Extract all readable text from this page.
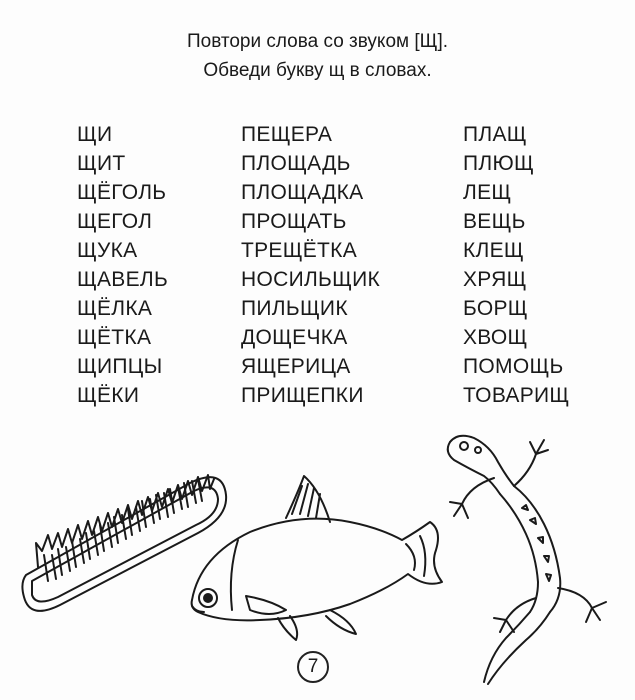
Повтори слова со звуком [Щ].
Обведи букву щ в словах.
ЩИ
ЩИТ
ЩЁГОЛЬ
ЩЕГОЛ
ЩУКА
ЩАВЕЛЬ
ЩЁЛКА
ЩЁТКА
ЩИПЦЫ
ЩЁКИ
ПЕЩЕРА
ПЛОЩАДЬ
ПЛОЩАДКА
ПРОЩАТЬ
ТРЕЩЁТКА
НОСИЛЬЩИК
ПИЛЬЩИК
ДОЩЕЧКА
ЯЩЕРИЦА
ПРИЩЕПКИ
ПЛАЩ
ПЛЮЩ
ЛЕЩ
ВЕЩЬ
КЛЕЩ
ХРЯЩ
БОРЩ
ХВОЩ
ПОМОЩЬ
ТОВАРИЩ
7
